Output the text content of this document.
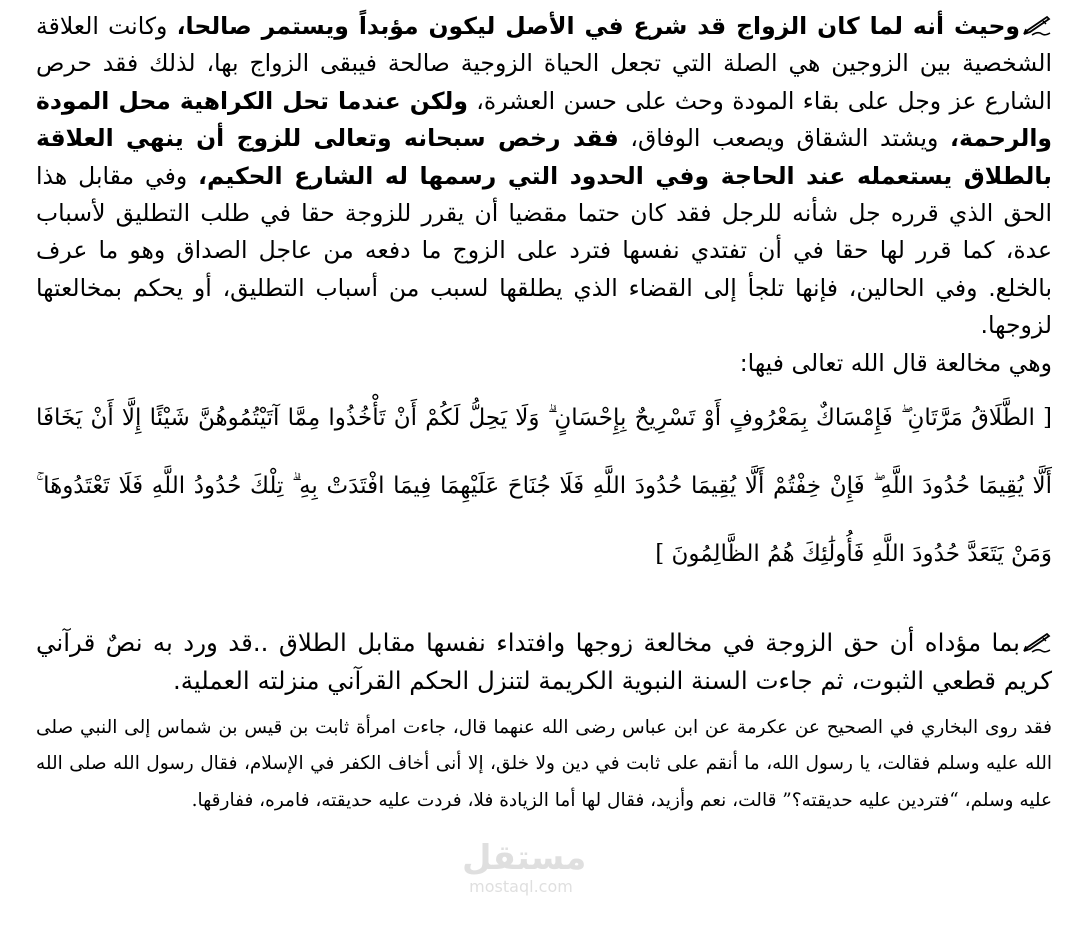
وحيث أنه لما كان الزواج قد شرع في الأصل ليكون مؤبداً ويستمر صالحا، وكانت العلاقة الشخصية بين الزوجين هي الصلة التي تجعل الحياة الزوجية صالحة فيبقى الزواج بها، لذلك فقد حرص الشارع عز وجل على بقاء المودة وحث على حسن العشرة، ولكن عندما تحل الكراهية محل المودة والرحمة، ويشتد الشقاق ويصعب الوفاق، فقد رخص سبحانه وتعالى للزوج أن ينهي العلاقة بالطلاق يستعمله عند الحاجة وفي الحدود التي رسمها له الشارع الحكيم، وفي مقابل هذا الحق الذي قرره جل شأنه للرجل فقد كان حتما مقضيا أن يقرر للزوجة حقا في طلب التطليق لأسباب عدة، كما قرر لها حقا في أن تفتدي نفسها فترد على الزوج ما دفعه من عاجل الصداق وهو ما عرف بالخلع. وفي الحالين، فإنها تلجأ إلى القضاء الذي يطلقها لسبب من أسباب التطليق، أو يحكم بمخالعتها لزوجها.
وهي مخالعة قال الله تعالى فيها:
[ الطَّلَاقُ مَرَّتَانِ ۖ فَإِمْسَاكٌ بِمَعْرُوفٍ أَوْ تَسْرِيحٌ بِإِحْسَانٍ ۗ وَلَا يَحِلُّ لَكُمْ أَنْ تَأْخُذُوا مِمَّا آتَيْتُمُوهُنَّ شَيْئًا إِلَّا أَنْ يَخَافَا أَلَّا يُقِيمَا حُدُودَ اللَّهِ ۖ فَإِنْ خِفْتُمْ أَلَّا يُقِيمَا حُدُودَ اللَّهِ فَلَا جُنَاحَ عَلَيْهِمَا فِيمَا افْتَدَتْ بِهِ ۗ تِلْكَ حُدُودُ اللَّهِ فَلَا تَعْتَدُوهَا ۚ وَمَنْ يَتَعَدَّ حُدُودَ اللَّهِ فَأُولَٰئِكَ هُمُ الظَّالِمُونَ ]
بما مؤداه أن حق الزوجة في مخالعة زوجها وافتداء نفسها مقابل الطلاق ..قد ورد به نصٌ قرآني كريم قطعي الثبوت، ثم جاءت السنة النبوية الكريمة لتنزل الحكم القرآني منزلته العملية.
فقد روى البخاري في الصحيح عن عكرمة عن ابن عباس رضى الله عنهما قال، جاءت امرأة ثابت بن قيس بن شماس إلى النبي صلى الله عليه وسلم فقالت، يا رسول الله، ما أنقم على ثابت في دين ولا خلق، إلا أنى أخاف الكفر في الإسلام، فقال رسول الله صلى الله عليه وسلم، “فتردين عليه حديقته؟” قالت، نعم وأزيد، فقال لها أما الزيادة فلا، فردت عليه حديقته، فامره، ففارقها.
مستقل
mostaql.com
